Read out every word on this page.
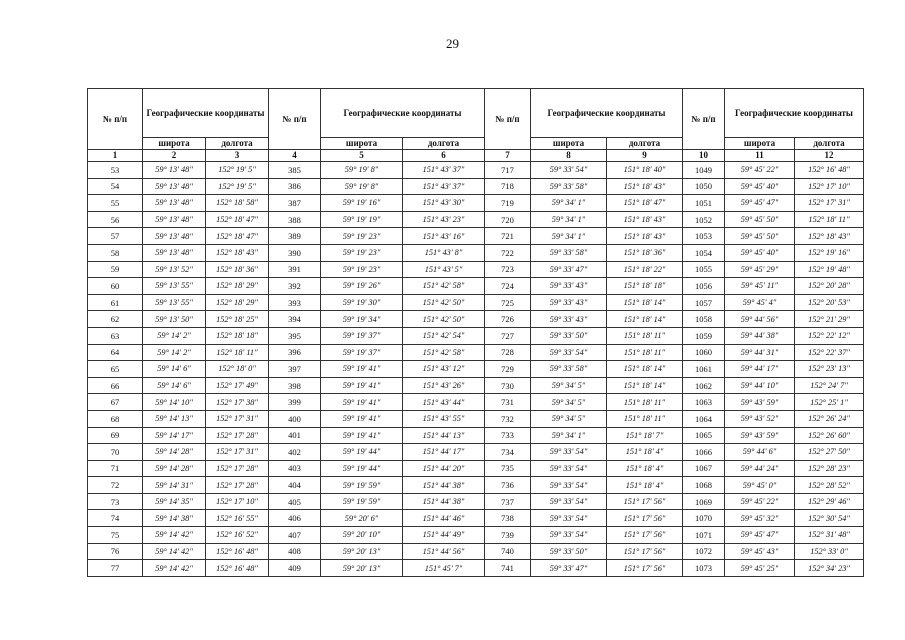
29
№ п/п	Географические координаты		№ п/п	Географические координаты		№ п/п	Географические координаты		№ п/п	Географические координаты	

	широта	долгота		широта	долгота		широта	долгота		широта	долгота
1	2	3	4	5	6	7	8	9	10	11	12
53	59° 13' 48"	152° 19' 5"	385	59° 19' 8"	151° 43' 37"	717	59° 33' 54"	151° 18' 40"	1049	59° 45' 22"	152° 16' 48"
54	59° 13' 48"	152° 19' 5"	386	59° 19' 8"	151° 43' 37"	718	59° 33' 58"	151° 18' 43"	1050	59° 45' 40"	152° 17' 10"
55	59° 13' 48"	152° 18' 58"	387	59° 19' 16"	151° 43' 30"	719	59° 34' 1"	151° 18' 47"	1051	59° 45' 47"	152° 17' 31"
56	59° 13' 48"	152° 18' 47"	388	59° 19' 19"	151° 43' 23"	720	59° 34' 1"	151° 18' 43"	1052	59° 45' 50"	152° 18' 11"
57	59° 13' 48"	152° 18' 47"	389	59° 19' 23"	151° 43' 16"	721	59° 34' 1"	151° 18' 43"	1053	59° 45' 50"	152° 18' 43"
58	59° 13' 48"	152° 18' 43"	390	59° 19' 23"	151° 43' 8"	722	59° 33' 58"	151° 18' 36"	1054	59° 45' 40"	152° 19' 16"
59	59° 13' 52"	152° 18' 36"	391	59° 19' 23"	151° 43' 5"	723	59° 33' 47"	151° 18' 22"	1055	59° 45' 29"	152° 19' 48"
60	59° 13' 55"	152° 18' 29"	392	59° 19' 26"	151° 42' 58"	724	59° 33' 43"	151° 18' 18"	1056	59° 45' 11"	152° 20' 28"
61	59° 13' 55"	152° 18' 29"	393	59° 19' 30"	151° 42' 50"	725	59° 33' 43"	151° 18' 14"	1057	59° 45' 4"	152° 20' 53"
62	59° 13' 50"	152° 18' 25"	394	59° 19' 34"	151° 42' 50"	726	59° 33' 43"	151° 18' 14"	1058	59° 44' 56"	152° 21' 29"
63	59° 14' 2"	152° 18' 18"	395	59° 19' 37"	151° 42' 54"	727	59° 33' 50"	151° 18' 11"	1059	59° 44' 38"	152° 22' 12"
64	59° 14' 2"	152° 18' 11"	396	59° 19' 37"	151° 42' 58"	728	59° 33' 54"	151° 18' 11"	1060	59° 44' 31"	152° 22' 37"
65	59° 14' 6"	152° 18' 0"	397	59° 19' 41"	151° 43' 12"	729	59° 33' 58"	151° 18' 14"	1061	59° 44' 17"	152° 23' 13"
66	59° 14' 6"	152° 17' 49"	398	59° 19' 41"	151° 43' 26"	730	59° 34' 5"	151° 18' 14"	1062	59° 44' 10"	152° 24' 7"
67	59° 14' 10"	152° 17' 38"	399	59° 19' 41"	151° 43' 44"	731	59° 34' 5"	151° 18' 11"	1063	59° 43' 59"	152° 25' 1"
68	59° 14' 13"	152° 17' 31"	400	59° 19' 41"	151° 43' 55"	732	59° 34' 5"	151° 18' 11"	1064	59° 43' 52"	152° 26' 24"
69	59° 14' 17"	152° 17' 28"	401	59° 19' 41"	151° 44' 13"	733	59° 34' 1"	151° 18' 7"	1065	59° 43' 59"	152° 26' 60"
70	59° 14' 28"	152° 17' 31"	402	59° 19' 44"	151° 44' 17"	734	59° 33' 54"	151° 18' 4"	1066	59° 44' 6"	152° 27' 50"
71	59° 14' 28"	152° 17' 28"	403	59° 19' 44"	151° 44' 20"	735	59° 33' 54"	151° 18' 4"	1067	59° 44' 24"	152° 28' 23"
72	59° 14' 31"	152° 17' 28"	404	59° 19' 59"	151° 44' 38"	736	59° 33' 54"	151° 18' 4"	1068	59° 45' 0"	152° 28' 52"
73	59° 14' 35"	152° 17' 10"	405	59° 19' 59"	151° 44' 38"	737	59° 33' 54"	151° 17' 56"	1069	59° 45' 22"	152° 29' 46"
74	59° 14' 38"	152° 16' 55"	406	59° 20' 6"	151° 44' 46"	738	59° 33' 54"	151° 17' 56"	1070	59° 45' 32"	152° 30' 54"
75	59° 14' 42"	152° 16' 52"	407	59° 20' 10"	151° 44' 49"	739	59° 33' 54"	151° 17' 56"	1071	59° 45' 47"	152° 31' 48"
76	59° 14' 42"	152° 16' 48"	408	59° 20' 13"	151° 44' 56"	740	59° 33' 50"	151° 17' 56"	1072	59° 45' 43"	152° 33' 0"
77	59° 14' 42"	152° 16' 48"	409	59° 20' 13"	151° 45' 7"	741	59° 33' 47"	151° 17' 56"	1073	59° 45' 25"	152° 34' 23"
